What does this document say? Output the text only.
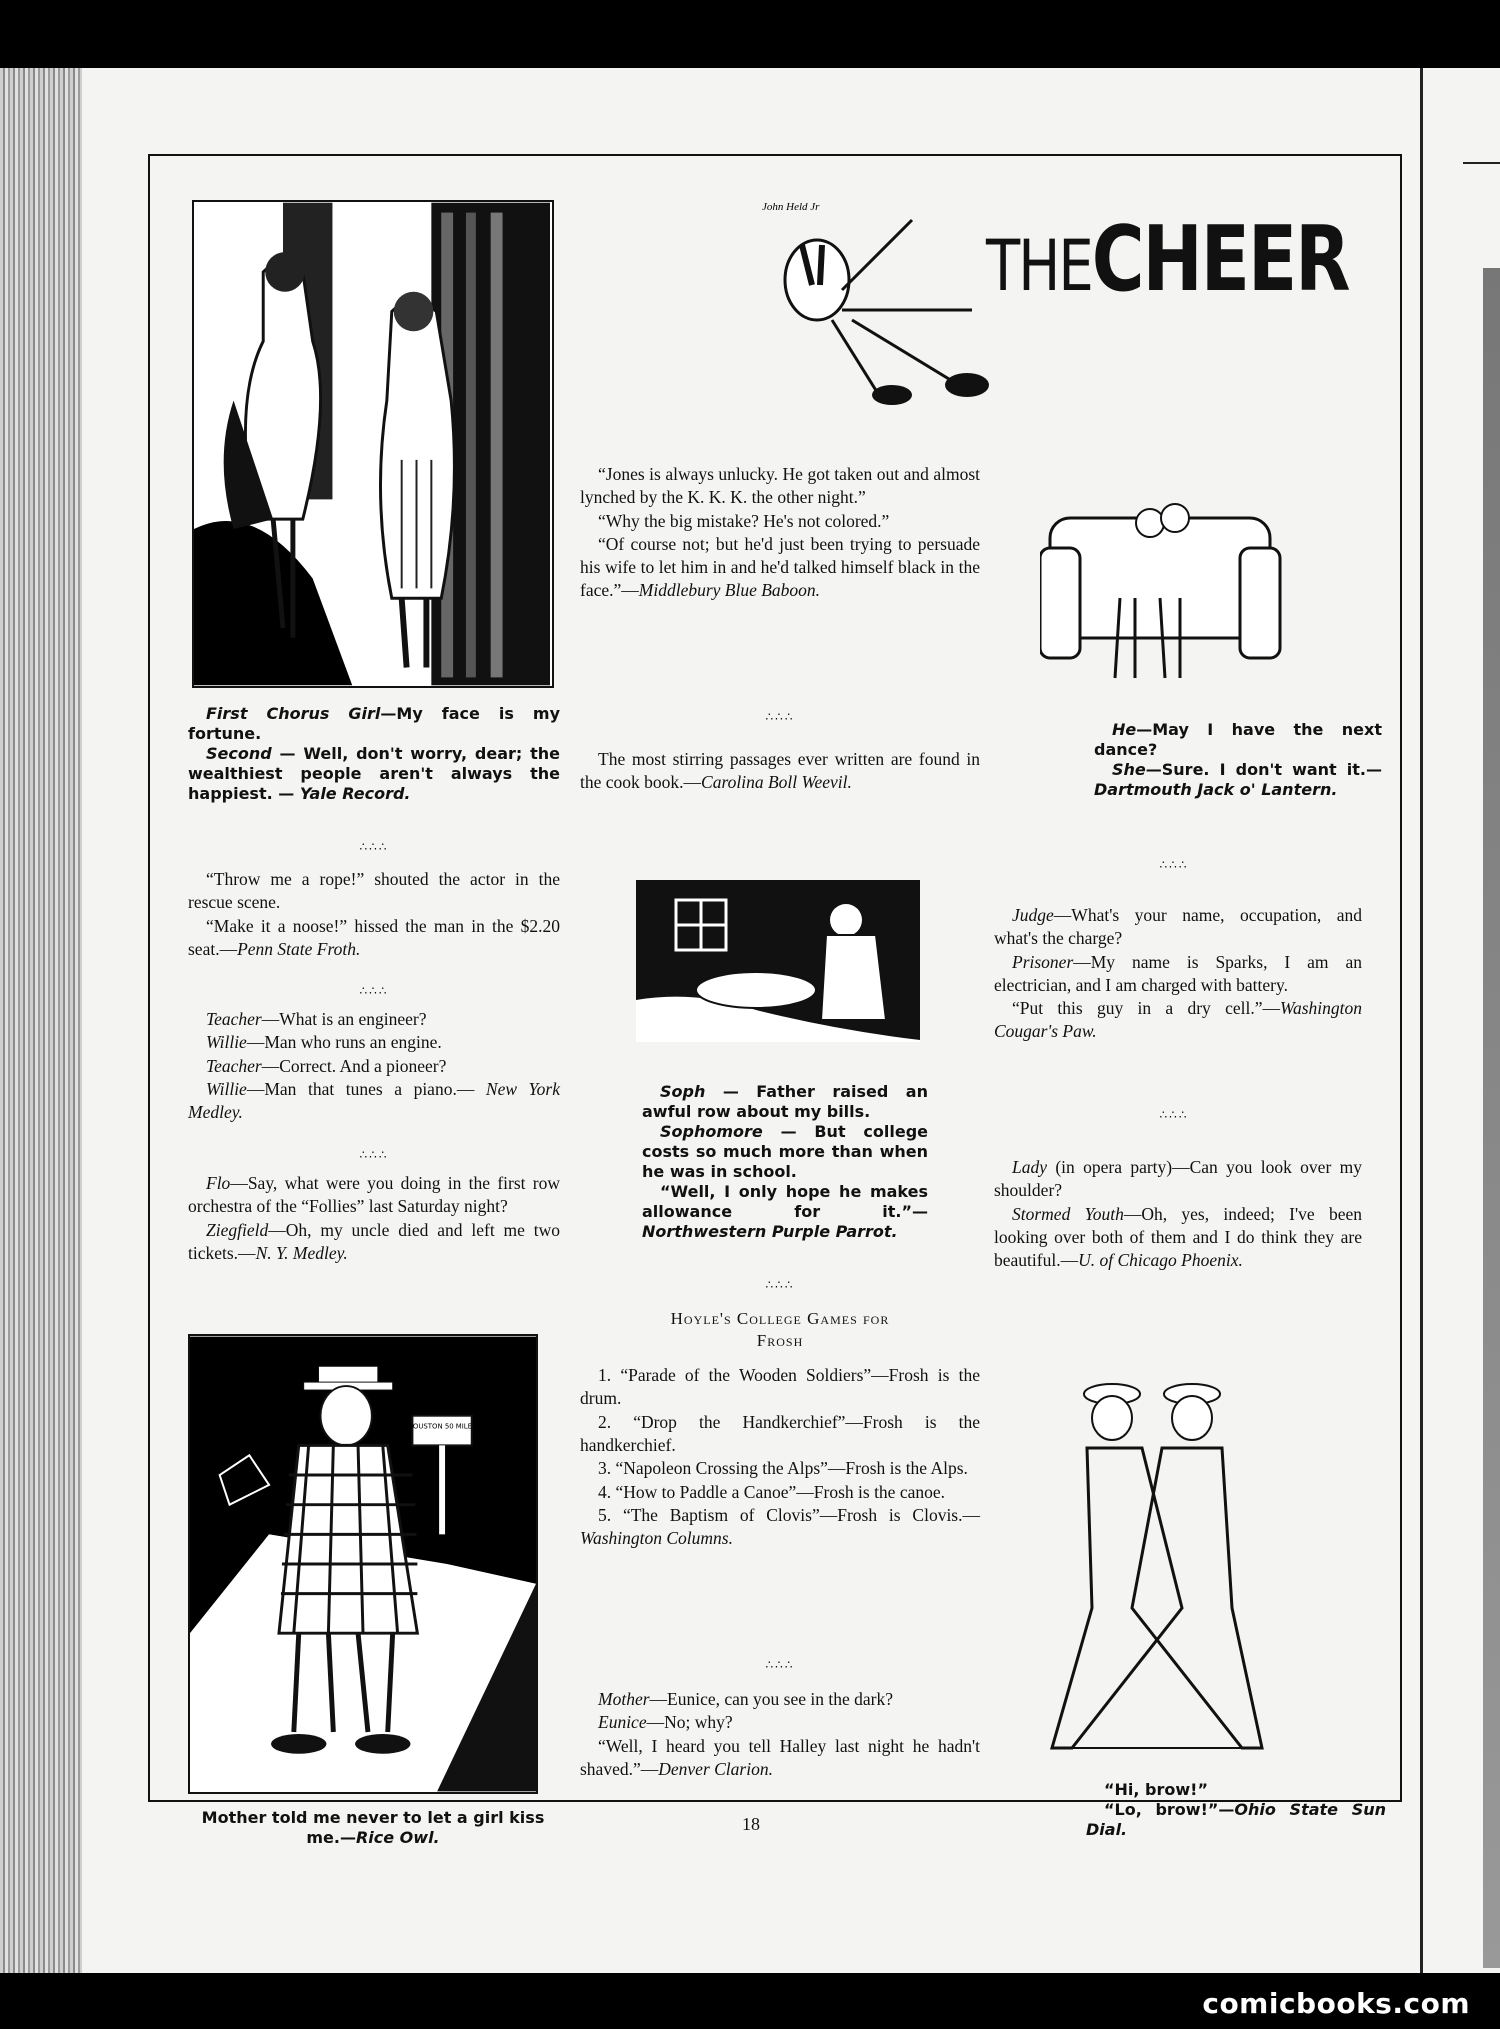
First Chorus Girl—My face is my fortune.

Second — Well, don't worry, dear; the wealthiest people aren't always the happiest. — Yale Record.

∴∴∴

“Throw me a rope!” shouted the actor in the rescue scene.

“Make it a noose!” hissed the man in the $2.20 seat.—Penn State Froth.

∴∴∴

Teacher—What is an engineer?

Willie—Man who runs an engine.

Teacher—Correct. And a pioneer?

Willie—Man that tunes a piano.— New York Medley.

∴∴∴

Flo—Say, what were you doing in the first row orchestra of the “Follies” last Saturday night?

Ziegfield—Oh, my uncle died and left me two tickets.—N. Y. Medley.

HOUSTON 50 MILES
Mother told me never to let a girl kiss me.—Rice Owl.
John Held Jr
THECHEER

“Jones is always unlucky. He got taken out and almost lynched by the K. K. K. the other night.”

“Why the big mistake? He's not colored.”

“Of course not; but he'd just been trying to persuade his wife to let him in and he'd talked himself black in the face.”—Middlebury Blue Baboon.

∴∴∴

The most stirring passages ever written are found in the cook book.—Carolina Boll Weevil.

Soph — Father raised an awful row about my bills.

Sophomore — But college costs so much more than when he was in school.

“Well, I only hope he makes allowance for it.”—Northwestern Purple Parrot.

∴∴∴
Hoyle's College Games for
Frosh

1. “Parade of the Wooden Soldiers”—Frosh is the drum.

2. “Drop the Handkerchief”—Frosh is the handkerchief.

3. “Napoleon Crossing the Alps”—Frosh is the Alps.

4. “How to Paddle a Canoe”—Frosh is the canoe.

5. “The Baptism of Clovis”—Frosh is Clovis.—Washington Columns.

∴∴∴

Mother—Eunice, can you see in the dark?

Eunice—No; why?

“Well, I heard you tell Halley last night he hadn't shaved.”—Denver Clarion.

He—May I have the next dance?

She—Sure. I don't want it.—Dartmouth Jack o' Lantern.

∴∴∴

Judge—What's your name, occupation, and what's the charge?

Prisoner—My name is Sparks, I am an electrician, and I am charged with battery.

“Put this guy in a dry cell.”—Washington Cougar's Paw.

∴∴∴

Lady (in opera party)—Can you look over my shoulder?

Stormed Youth—Oh, yes, indeed; I've been looking over both of them and I do think they are beautiful.—U. of Chicago Phoenix.

“Hi, brow!”

“Lo, brow!”—Ohio State Sun Dial.

18
comicbooks.com
